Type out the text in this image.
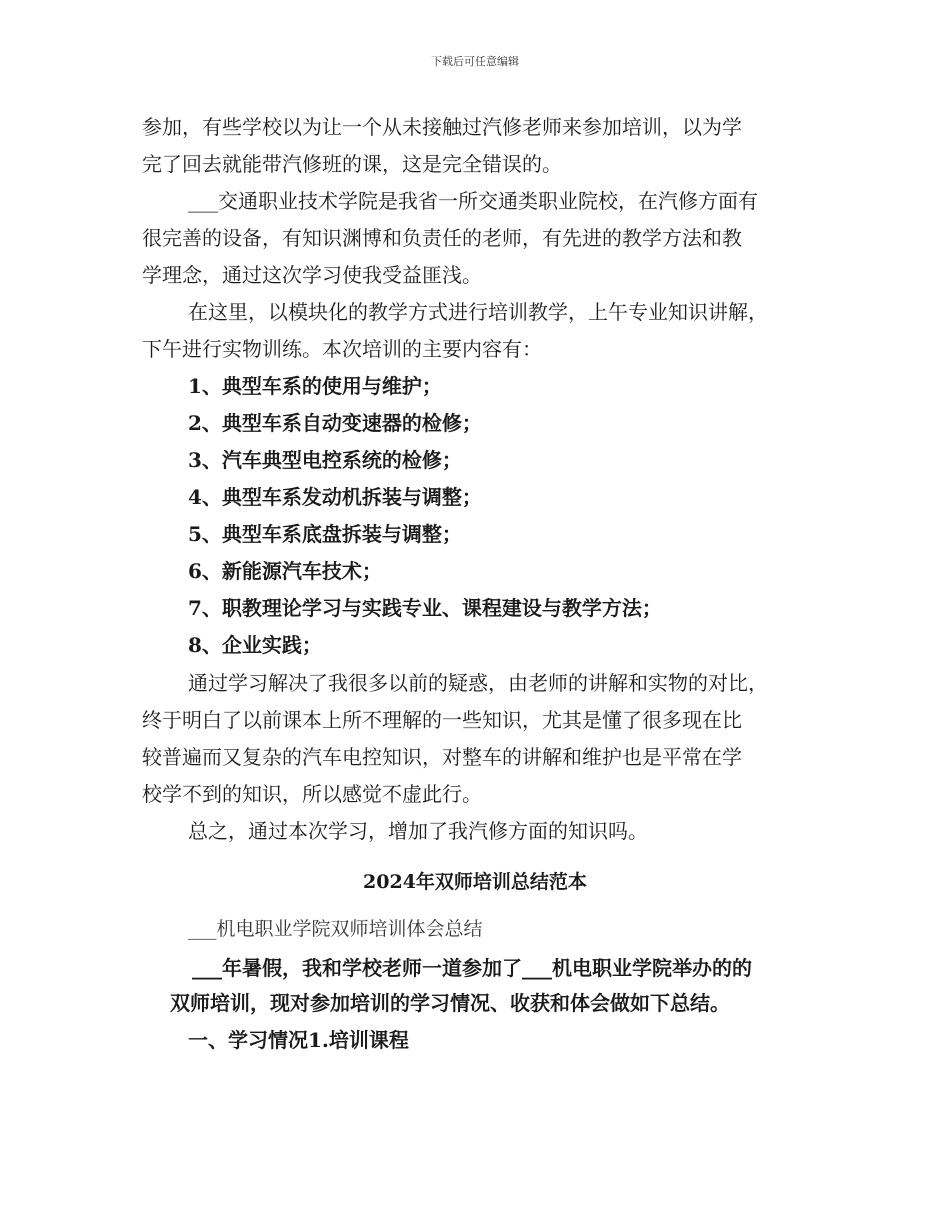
下载后可任意编辑
参加，有些学校以为让一个从未接触过汽修老师来参加培训，以为学
完了回去就能带汽修班的课，这是完全错误的。
___交通职业技术学院是我省一所交通类职业院校，在汽修方面有
很完善的设备，有知识渊博和负责任的老师，有先进的教学方法和教
学理念，通过这次学习使我受益匪浅。
在这里，以模块化的教学方式进行培训教学，上午专业知识讲解，
下午进行实物训练。本次培训的主要内容有：
1、典型车系的使用与维护；
2、典型车系自动变速器的检修；
3、汽车典型电控系统的检修；
4、典型车系发动机拆装与调整；
5、典型车系底盘拆装与调整；
6、新能源汽车技术；
7、职教理论学习与实践专业、课程建设与教学方法；
8、企业实践；
通过学习解决了我很多以前的疑惑，由老师的讲解和实物的对比，
终于明白了以前课本上所不理解的一些知识，尤其是懂了很多现在比
较普遍而又复杂的汽车电控知识，对整车的讲解和维护也是平常在学
校学不到的知识，所以感觉不虚此行。
总之，通过本次学习，增加了我汽修方面的知识吗。
2024年双师培训总结范本
___机电职业学院双师培训体会总结
___年暑假，我和学校老师一道参加了___机电职业学院举办的的
双师培训，现对参加培训的学习情况、收获和体会做如下总结。
一、学习情况1.培训课程
